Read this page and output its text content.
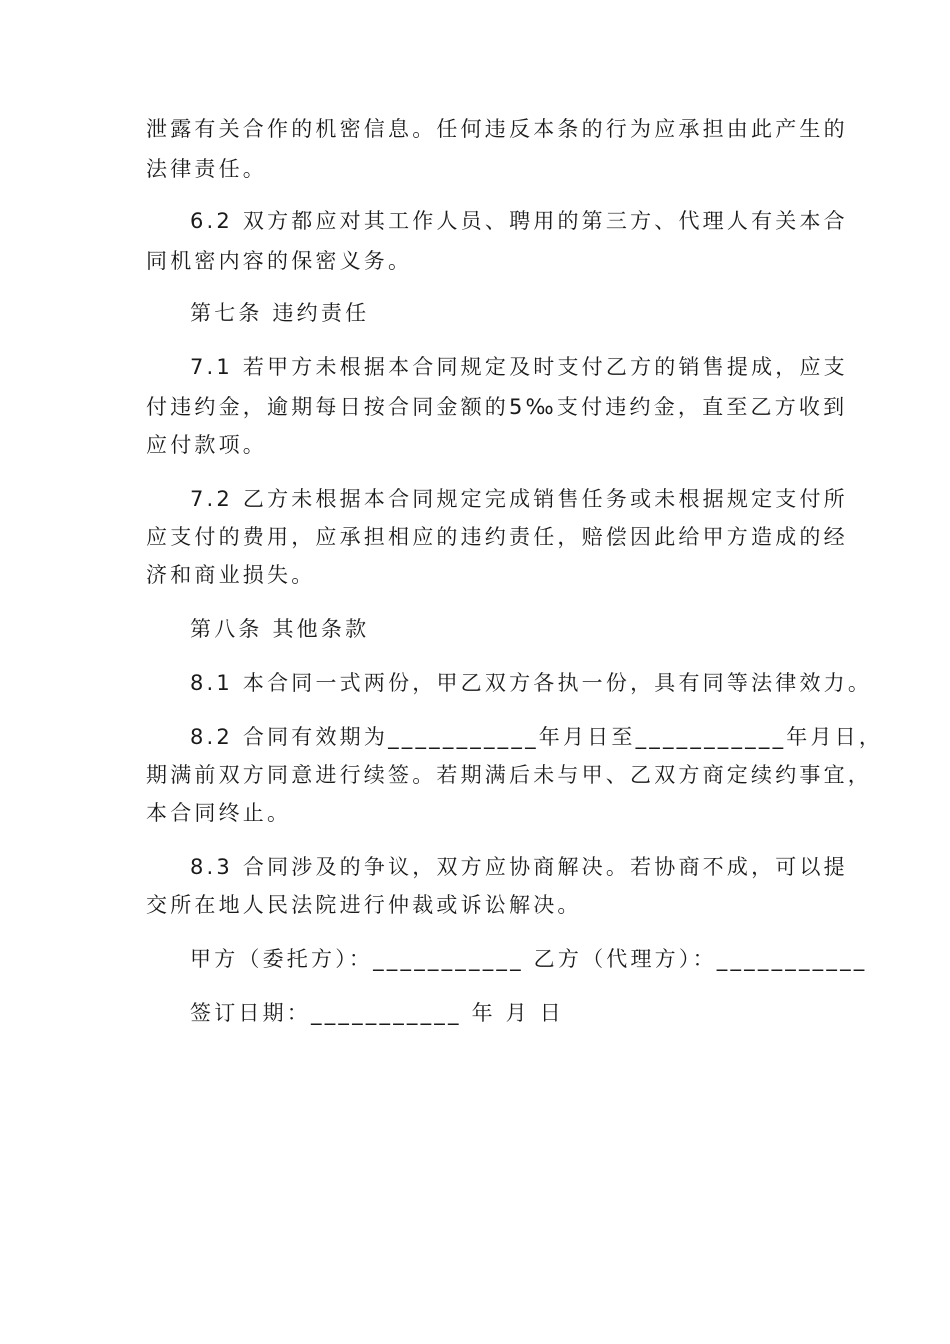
泄露有关合作的机密信息。任何违反本条的行为应承担由此产生的
法律责任。
6.2 双方都应对其工作人员、聘用的第三方、代理人有关本合
同机密内容的保密义务。
第七条 违约责任
7.1 若甲方未根据本合同规定及时支付乙方的销售提成，应支
付违约金，逾期每日按合同金额的5‰支付违约金，直至乙方收到
应付款项。
7.2 乙方未根据本合同规定完成销售任务或未根据规定支付所
应支付的费用，应承担相应的违约责任，赔偿因此给甲方造成的经
济和商业损失。
第八条 其他条款
8.1 本合同一式两份，甲乙双方各执一份，具有同等法律效力。
8.2 合同有效期为___________年月日至___________年月日，
期满前双方同意进行续签。若期满后未与甲、乙双方商定续约事宜，
本合同终止。
8.3 合同涉及的争议，双方应协商解决。若协商不成，可以提
交所在地人民法院进行仲裁或诉讼解决。
甲方（委托方）：___________ 乙方（代理方）：___________
签订日期：___________ 年 月 日
